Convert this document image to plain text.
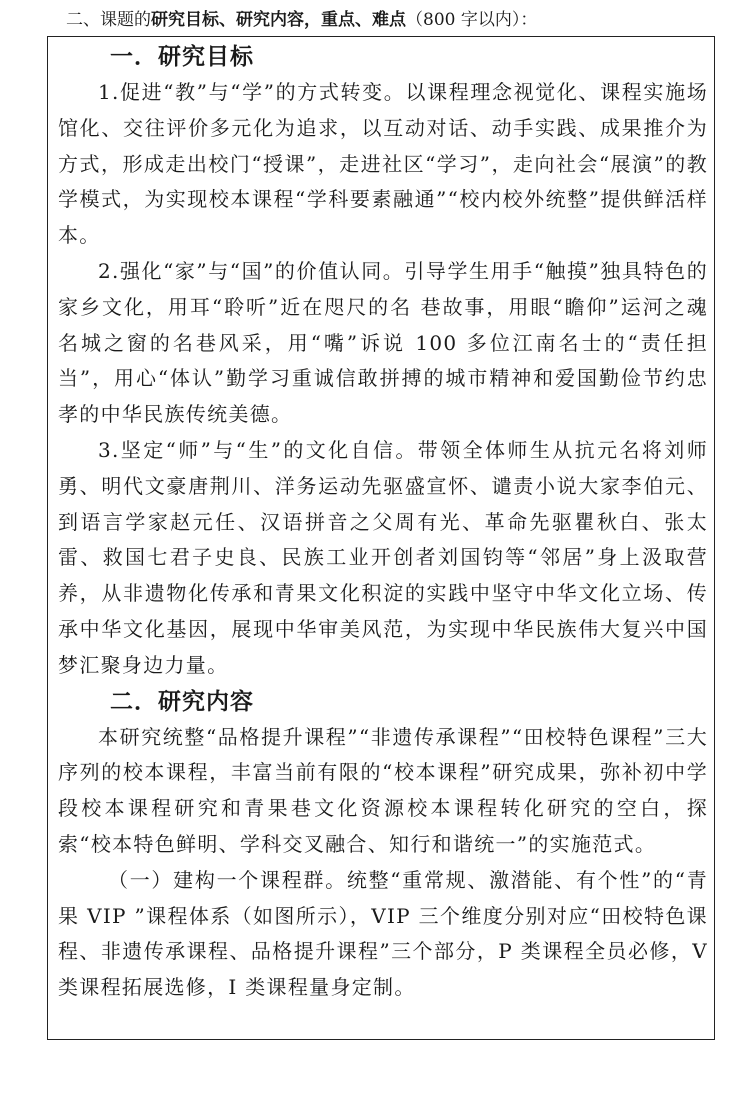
二、课题的研究目标、研究内容，重点、难点（800 字以内）：
一．研究目标

1.促进“教”与“学”的方式转变。以课程理念视觉化、课程实施场馆化、交往评价多元化为追求，以互动对话、动手实践、成果推介为方式，形成走出校门“授课”，走进社区“学习”，走向社会“展演”的教学模式，为实现校本课程“学科要素融通”“校内校外统整”提供鲜活样本。

2.强化“家”与“国”的价值认同。引导学生用手“触摸”独具特色的家乡文化，用耳“聆听”近在咫尺的名 巷故事，用眼“瞻仰”运河之魂名城之窗的名巷风采，用“嘴”诉说 100 多位江南名士的“责任担当”，用心“体认”勤学习重诚信敢拼搏的城市精神和爱国勤俭节约忠孝的中华民族传统美德。

3.坚定“师”与“生”的文化自信。带领全体师生从抗元名将刘师勇、明代文豪唐荆川、洋务运动先驱盛宣怀、谴责小说大家李伯元、到语言学家赵元任、汉语拼音之父周有光、革命先驱瞿秋白、张太雷、救国七君子史良、民族工业开创者刘国钧等“邻居”身上汲取营养，从非遗物化传承和青果文化积淀的实践中坚守中华文化立场、传承中华文化基因，展现中华审美风范，为实现中华民族伟大复兴中国梦汇聚身边力量。

二．研究内容

本研究统整“品格提升课程”“非遗传承课程”“田校特色课程”三大序列的校本课程，丰富当前有限的“校本课程”研究成果，弥补初中学段校本课程研究和青果巷文化资源校本课程转化研究的空白，探索“校本特色鲜明、学科交叉融合、知行和谐统一”的实施范式。

（一）建构一个课程群。统整“重常规、激潜能、有个性”的“青果 VIP ”课程体系（如图所示），VIP 三个维度分别对应“田校特色课程、非遗传承课程、品格提升课程”三个部分，P 类课程全员必修，V 类课程拓展选修，I 类课程量身定制。
